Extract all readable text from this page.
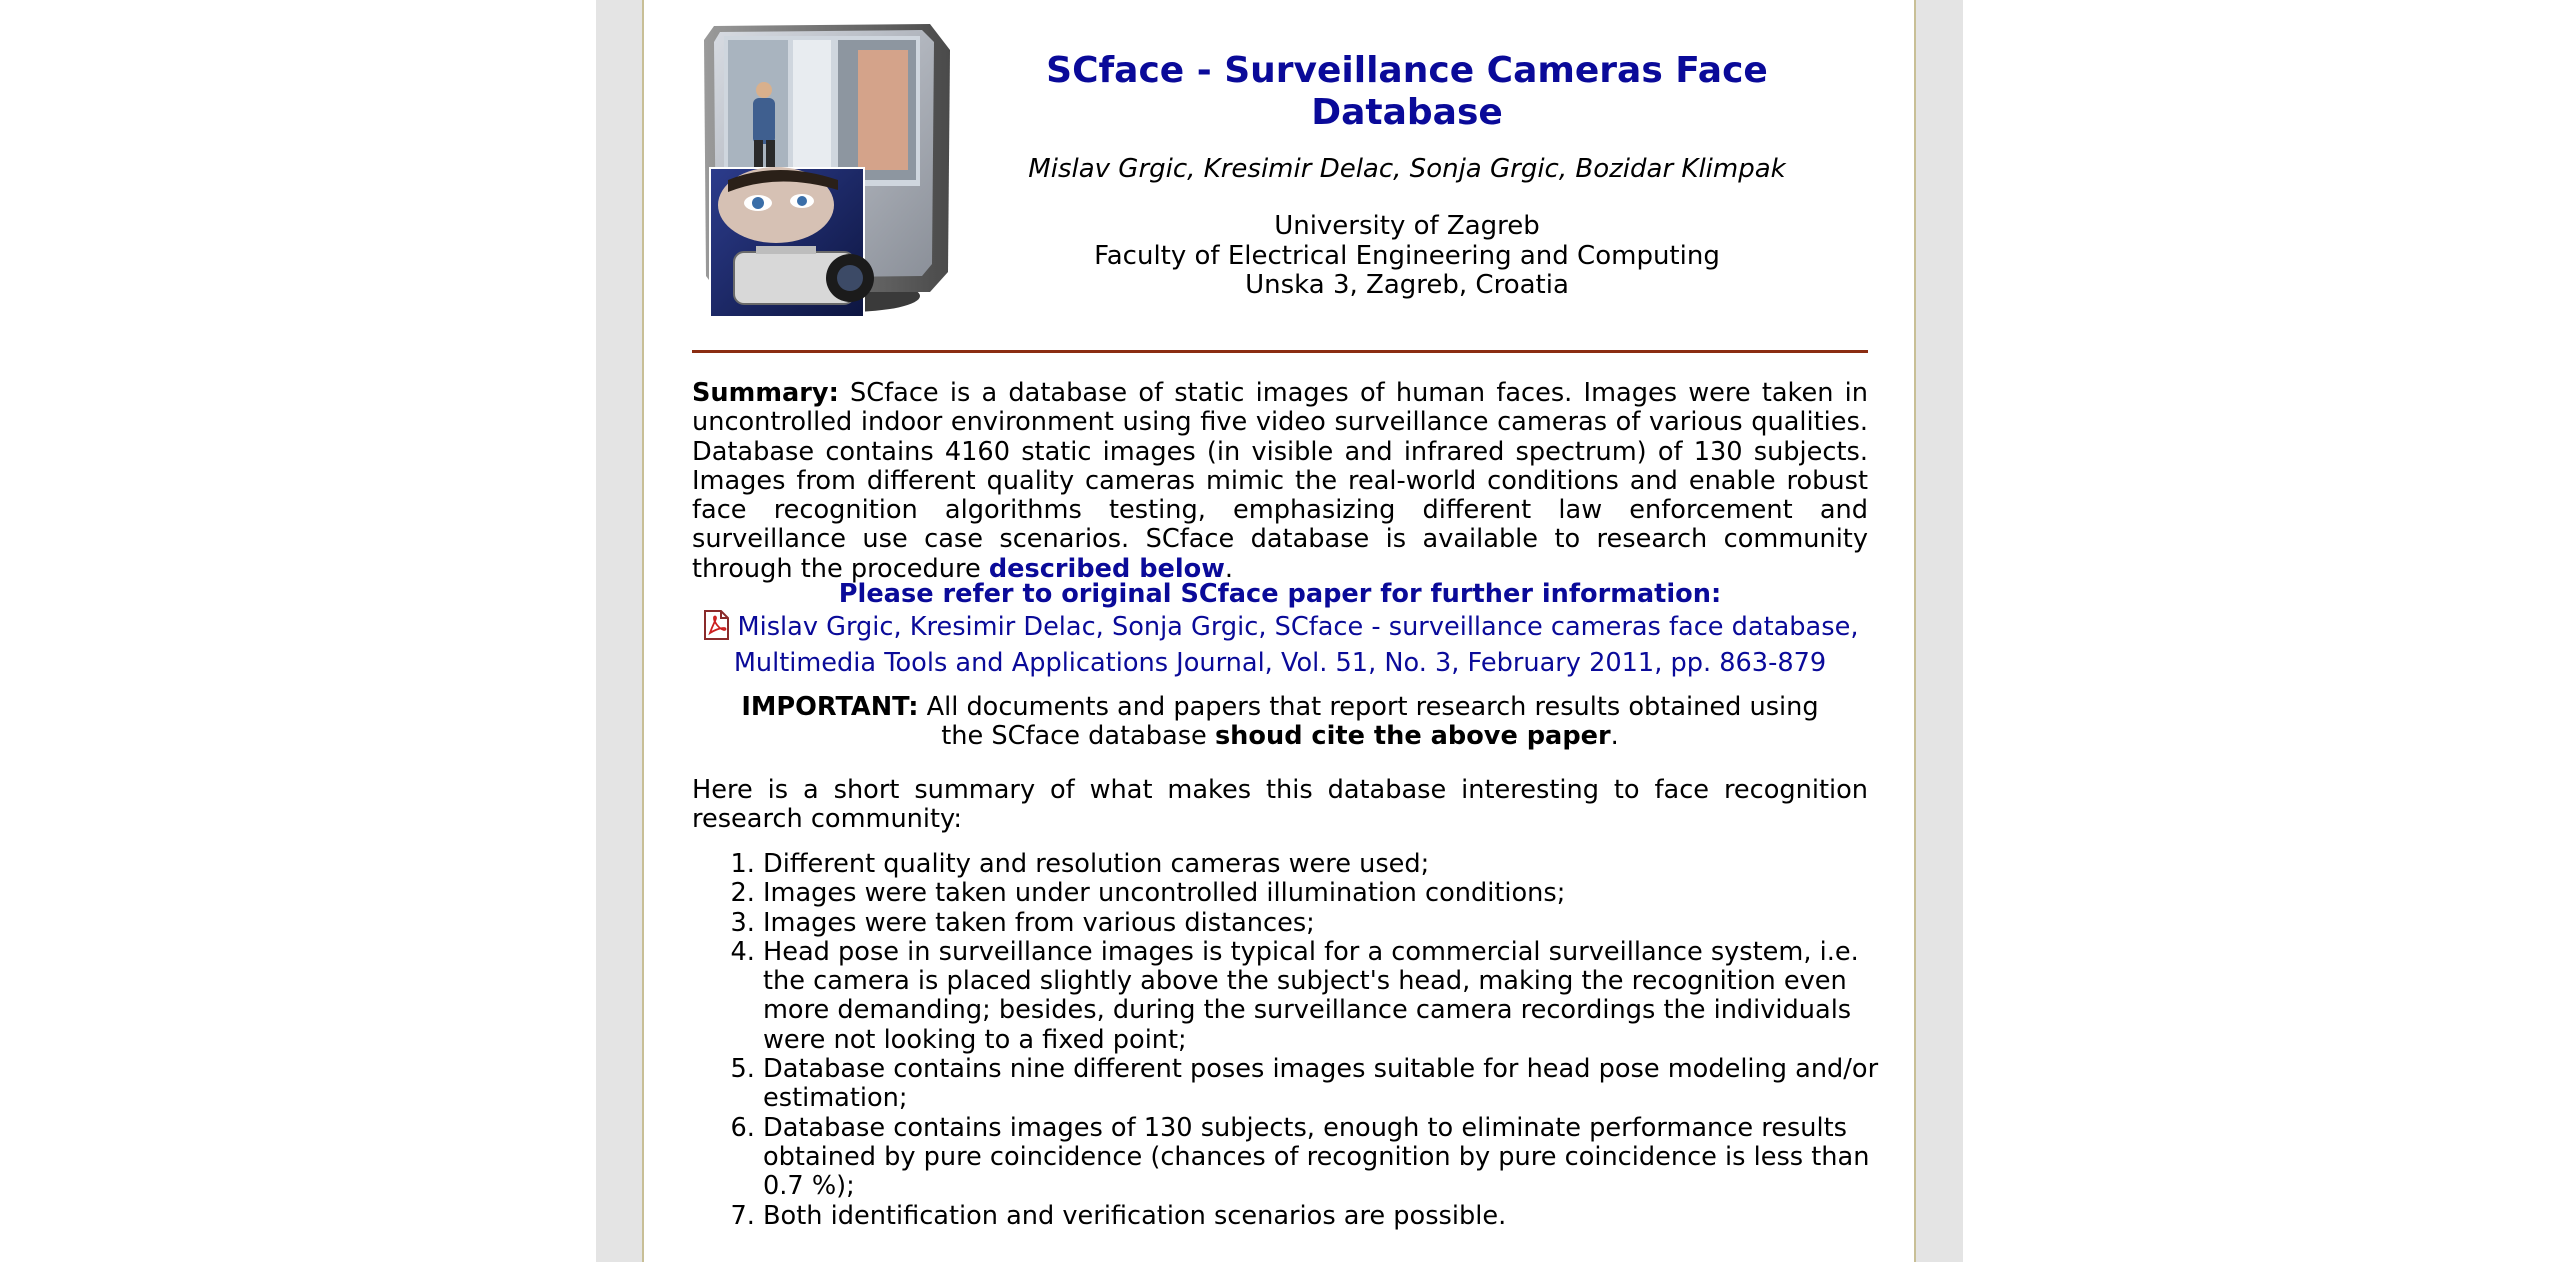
SCface - Surveillance Cameras Face Database
Mislav Grgic, Kresimir Delac, Sonja Grgic, Bozidar Klimpak
University of Zagreb
Faculty of Electrical Engineering and Computing
Unska 3, Zagreb, Croatia

Summary: SCface is a database of static images of human faces. Images were taken in uncontrolled indoor environment using five video surveillance cameras of various qualities. Database contains 4160 static images (in visible and infrared spectrum) of 130 subjects. Images from different quality cameras mimic the real-world conditions and enable robust face recognition algorithms testing, emphasizing different law enforcement and surveillance use case scenarios. SCface database is available to research community through the procedure described below.

Please refer to original SCface paper for further information:
Mislav Grgic, Kresimir Delac, Sonja Grgic, SCface - surveillance cameras face database,
Multimedia Tools and Applications Journal, Vol. 51, No. 3, February 2011, pp. 863-879
IMPORTANT: All documents and papers that report research results obtained using
the SCface database shoud cite the above paper.

Here is a short summary of what makes this database interesting to face recognition research community:

1. Different quality and resolution cameras were used;
2. Images were taken under uncontrolled illumination conditions;
3. Images were taken from various distances;
4. Head pose in surveillance images is typical for a commercial surveillance system, i.e. the camera is placed slightly above the subject's head, making the recognition even more demanding; besides, during the surveillance camera recordings the individuals were not looking to a fixed point;
5. Database contains nine different poses images suitable for head pose modeling and/or estimation;
6. Database contains images of 130 subjects, enough to eliminate performance results obtained by pure coincidence (chances of recognition by pure coincidence is less than 0.7 %);
7. Both identification and verification scenarios are possible.
